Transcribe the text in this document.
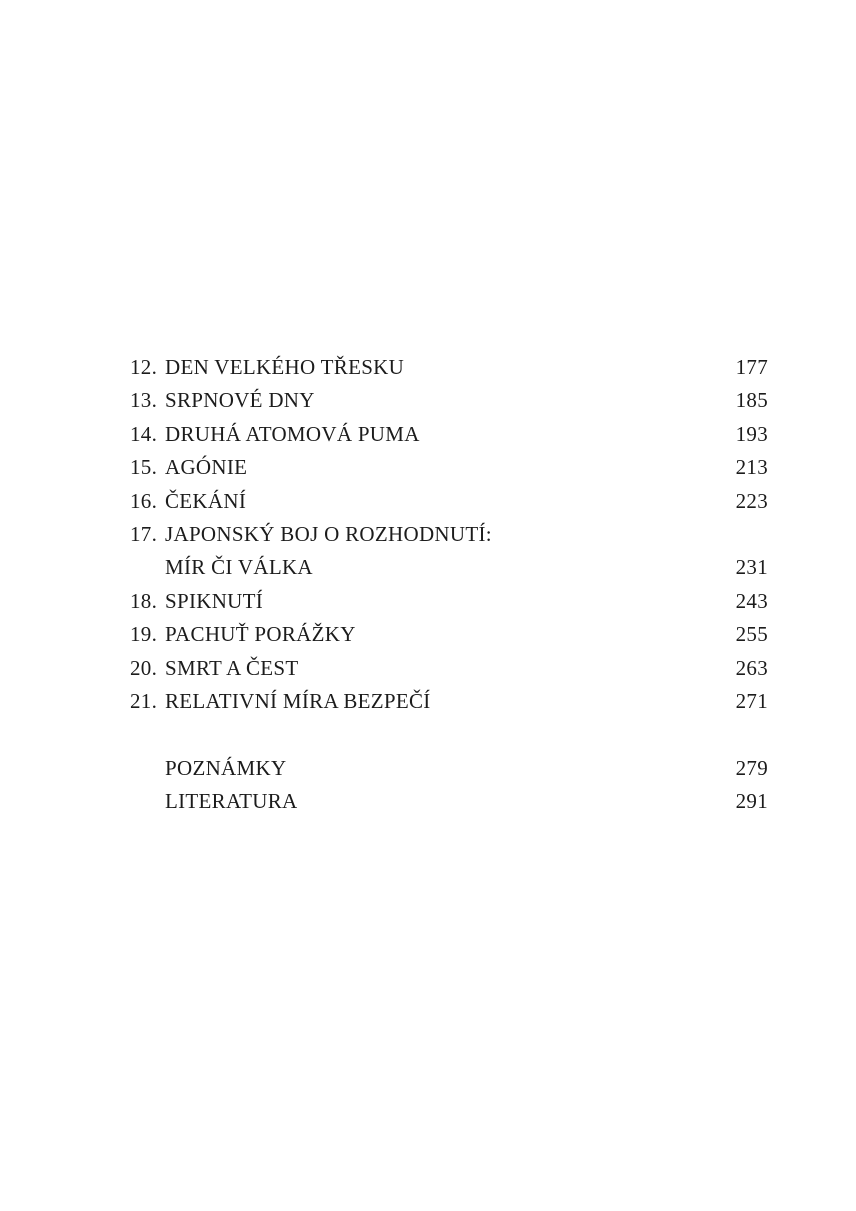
12. DEN VELKÉHO TŘESKU	177
13. SRPNOVÉ DNY	185
14. DRUHÁ ATOMOVÁ PUMA	193
15. AGÓNIE	213
16. ČEKÁNÍ	223
17. JAPONSKÝ BOJ O ROZHODNUTÍ:
MÍR ČI VÁLKA	231
18. SPIKNUTÍ	243
19. PACHUŤ PORÁŽKY	255
20. SMRT A ČEST	263
21. RELATIVNÍ MÍRA BEZPEČÍ	271
POZNÁMKY	279
LITERATURA	291
